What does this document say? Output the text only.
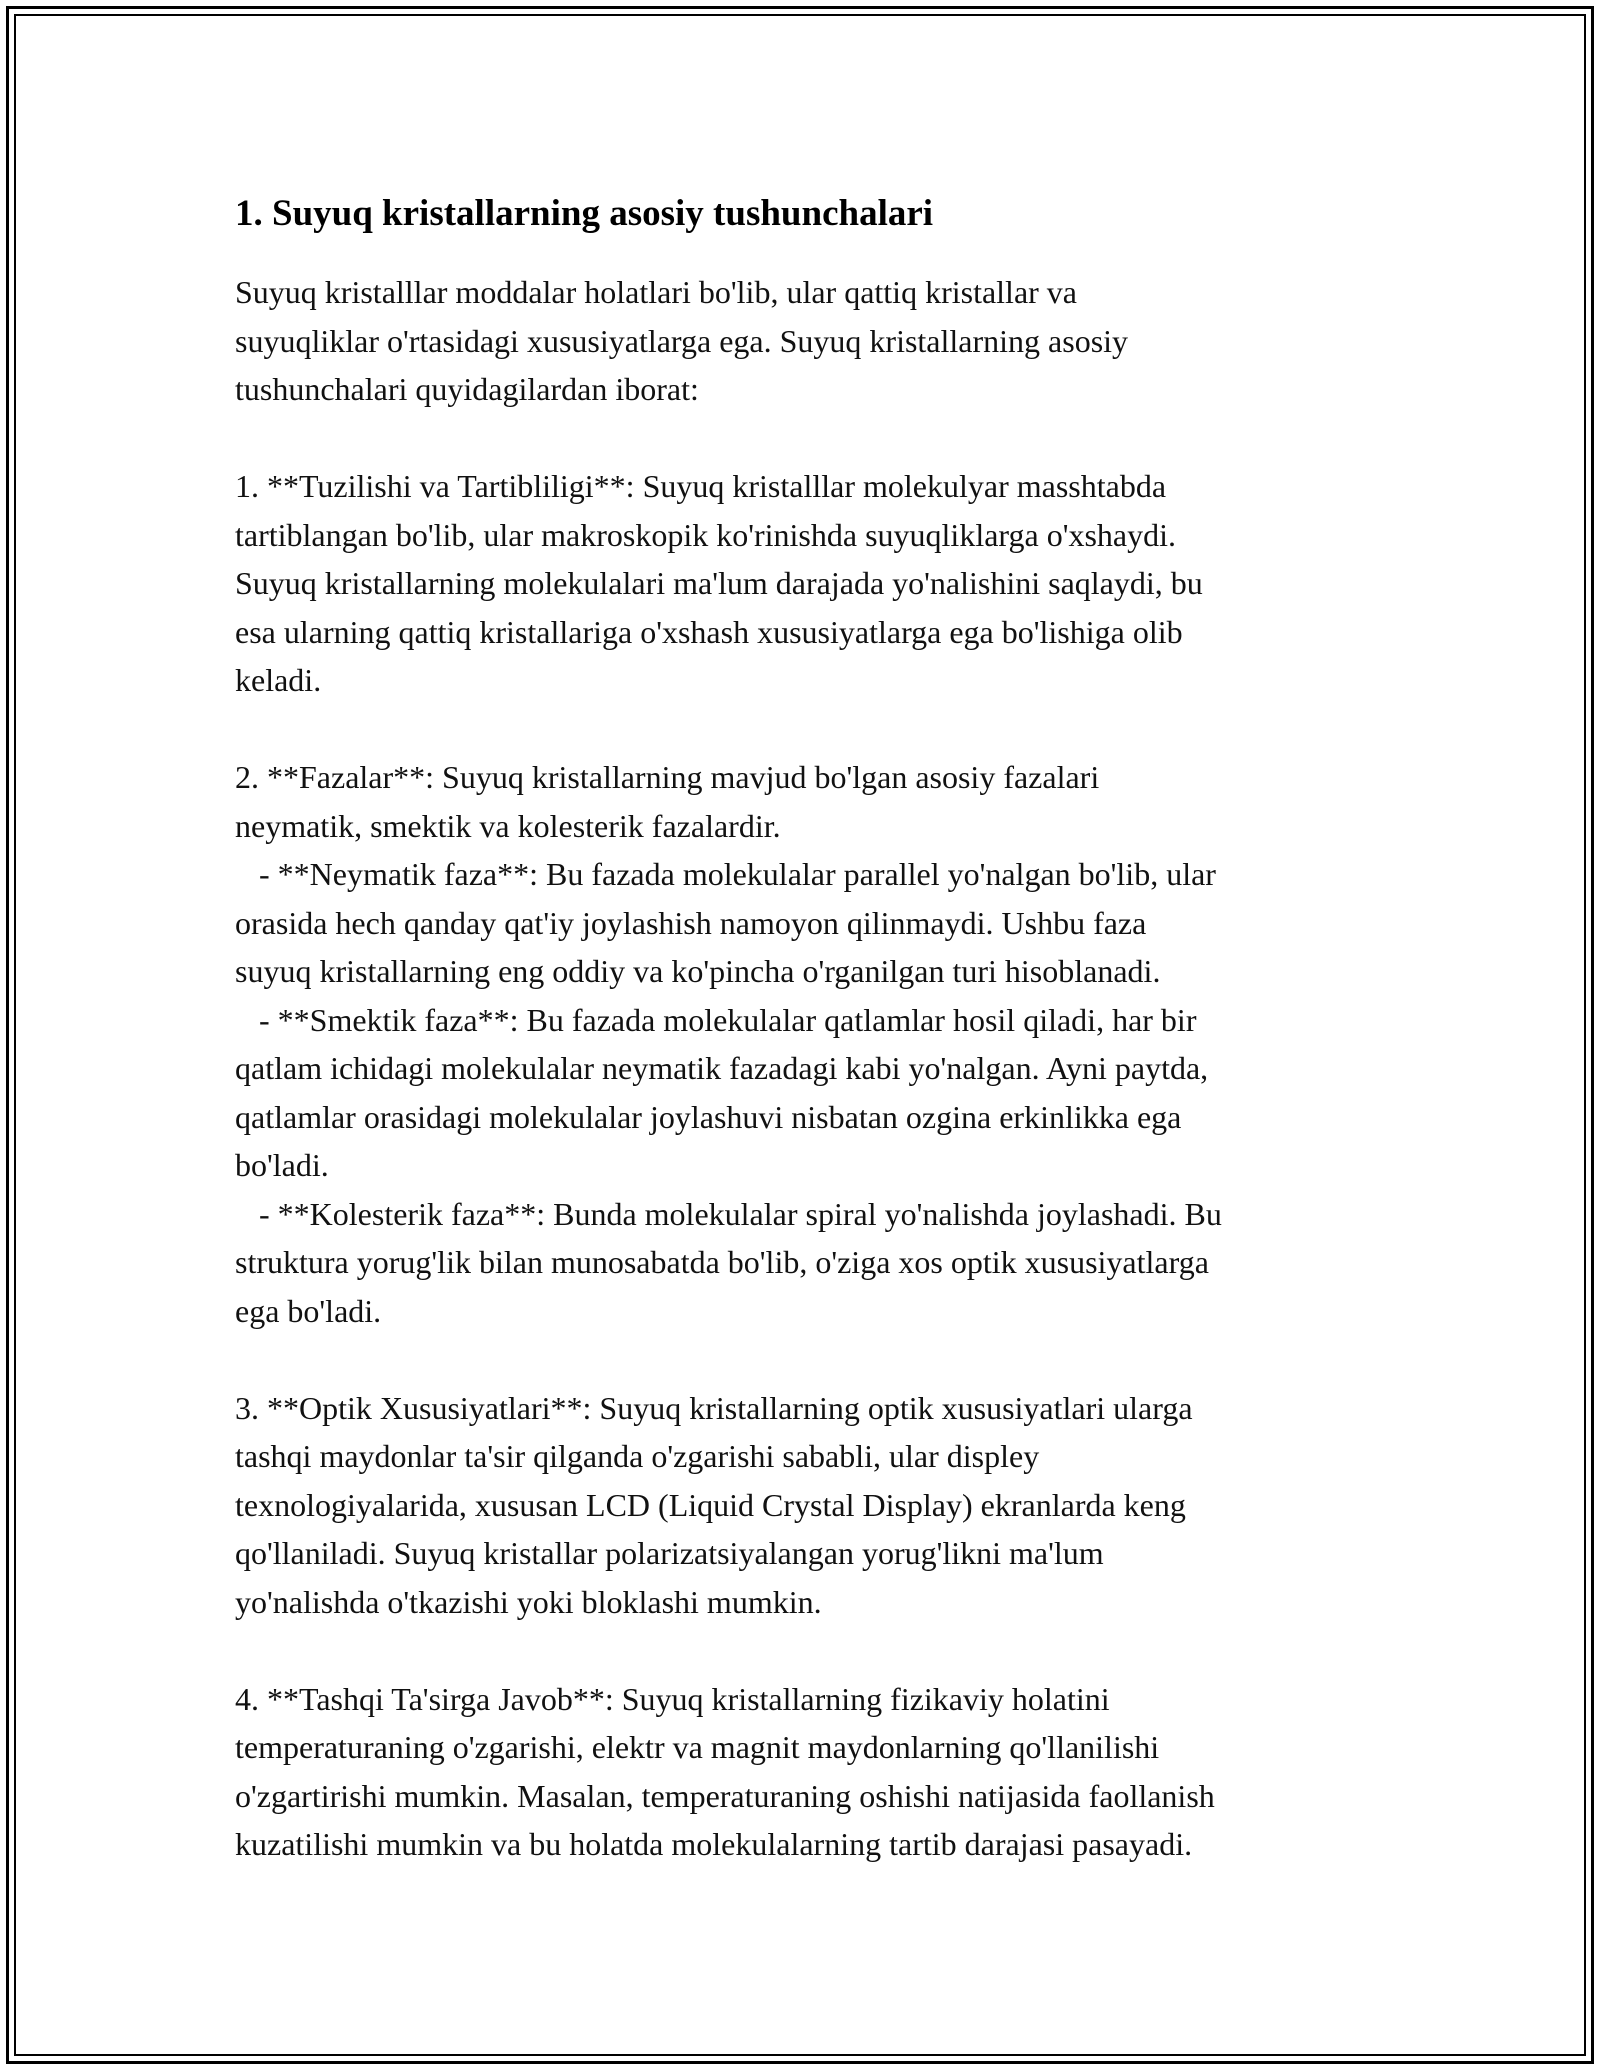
1. Suyuq kristallarning asosiy tushunchalari

Suyuq kristalllar moddalar holatlari bo'lib, ular qattiq kristallar va
suyuqliklar o'rtasidagi xususiyatlarga ega. Suyuq kristallarning asosiy
tushunchalari quyidagilardan iborat:

1. **Tuzilishi va Tartibliligi**: Suyuq kristalllar molekulyar masshtabda
tartiblangan bo'lib, ular makroskopik ko'rinishda suyuqliklarga o'xshaydi.
Suyuq kristallarning molekulalari ma'lum darajada yo'nalishini saqlaydi, bu
esa ularning qattiq kristallariga o'xshash xususiyatlarga ega bo'lishiga olib
keladi.

2. **Fazalar**: Suyuq kristallarning mavjud bo'lgan asosiy fazalari
neymatik, smektik va kolesterik fazalardir.
- **Neymatik faza**: Bu fazada molekulalar parallel yo'nalgan bo'lib, ular
orasida hech qanday qat'iy joylashish namoyon qilinmaydi. Ushbu faza
suyuq kristallarning eng oddiy va ko'pincha o'rganilgan turi hisoblanadi.
- **Smektik faza**: Bu fazada molekulalar qatlamlar hosil qiladi, har bir
qatlam ichidagi molekulalar neymatik fazadagi kabi yo'nalgan. Ayni paytda,
qatlamlar orasidagi molekulalar joylashuvi nisbatan ozgina erkinlikka ega
bo'ladi.
- **Kolesterik faza**: Bunda molekulalar spiral yo'nalishda joylashadi. Bu
struktura yorug'lik bilan munosabatda bo'lib, o'ziga xos optik xususiyatlarga
ega bo'ladi.

3. **Optik Xususiyatlari**: Suyuq kristallarning optik xususiyatlari ularga
tashqi maydonlar ta'sir qilganda o'zgarishi sababli, ular displey
texnologiyalarida, xususan LCD (Liquid Crystal Display) ekranlarda keng
qo'llaniladi. Suyuq kristallar polarizatsiyalangan yorug'likni ma'lum
yo'nalishda o'tkazishi yoki bloklashi mumkin.

4. **Tashqi Ta'sirga Javob**: Suyuq kristallarning fizikaviy holatini
temperaturaning o'zgarishi, elektr va magnit maydonlarning qo'llanilishi
o'zgartirishi mumkin. Masalan, temperaturaning oshishi natijasida faollanish
kuzatilishi mumkin va bu holatda molekulalarning tartib darajasi pasayadi.
